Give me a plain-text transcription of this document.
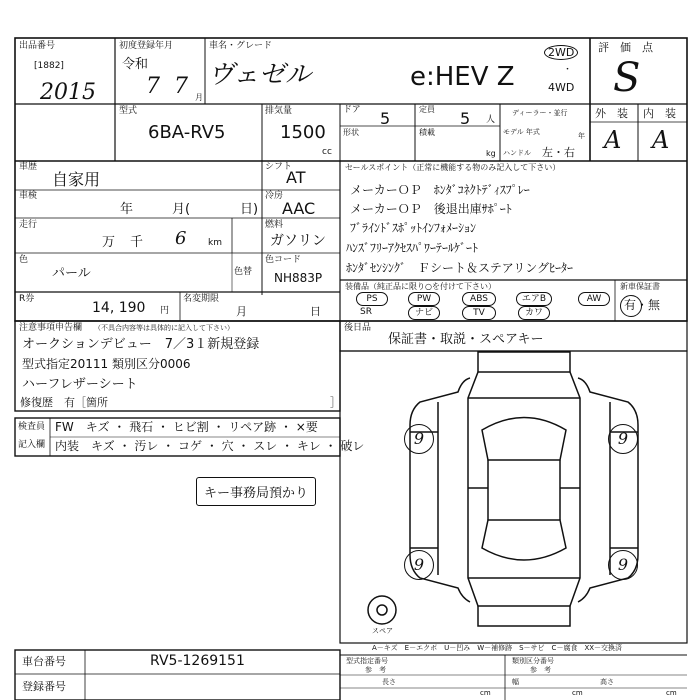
出品番号
[1882]
2015
初度登録年月
令和
7 7 月
車名・グレード
ヴェゼル	e:HEV Z
2WD
・
4WD
評　価　点
S
型式
6BA-RV5
排気量
1500
cc
ドア 5	定員 5 人
形状	積載
kg
ディーラー・並行
モデル 年式	年
ハンドル 左・右
外　装 内　装
A A
車歴
自家用
車検
年	月(	日)
走行
万 千 6 km
色
パール	色替
R券
14, 190 円
名変期限
月	日
シフト
AT
冷房
AAC
燃料
ガソリン
色コード
NH883P
セールスポイント（正常に機能する物のみ記入して下さい）
メーカーＯＰ　ﾎﾝﾀﾞｺﾈｸﾄﾃﾞｨｽﾌﾟﾚｰ
メーカーＯＰ　後退出庫ｻﾎﾟｰﾄ
ﾌﾞﾗｲﾝﾄﾞｽﾎﾟｯﾄｲﾝﾌｫﾒｰｼｮﾝ
ﾊﾝｽﾞﾌﾘｰｱｸｾｽﾊﾟﾜｰﾃｰﾙｹﾞｰﾄ
ﾎﾝﾀﾞｾﾝｼﾝｸﾞ　Ｆシート＆ステアリングﾋｰﾀｰ
装備品（純正品に限り○を付けて下さい）
PS	PW	ABS	エアB	AW
SR	ナビ	TV	カワ
新車保証書
有・無
注意事項申告欄 （不具合内容等は具体的に記入して下さい）
オークションデビュー　7／3１新規登録
型式指定20111 類別区分0006
ハーフレザーシート
修復歴　有［箇所	］
後日品
保証書・取説・スペアキー
検査員
記入欄
FW　キズ ・ 飛石 ・ ヒビ割 ・ リペア跡 ・ ×要
内装　キズ ・ 汚レ ・ コゲ ・ 穴 ・ スレ ・ キレ ・ 破レ
キー事務局預かり
9	9
9	9
スペア
A－キズ　E－エクボ　U－凹み　W－補修跡　S－サビ　C－腐食　XX－交換済
車台番号	RV5-1269151
登録番号
型式指定番号
参　考
類別区分番号
参　考
長さ
cm
幅
cm
高さ
cm
